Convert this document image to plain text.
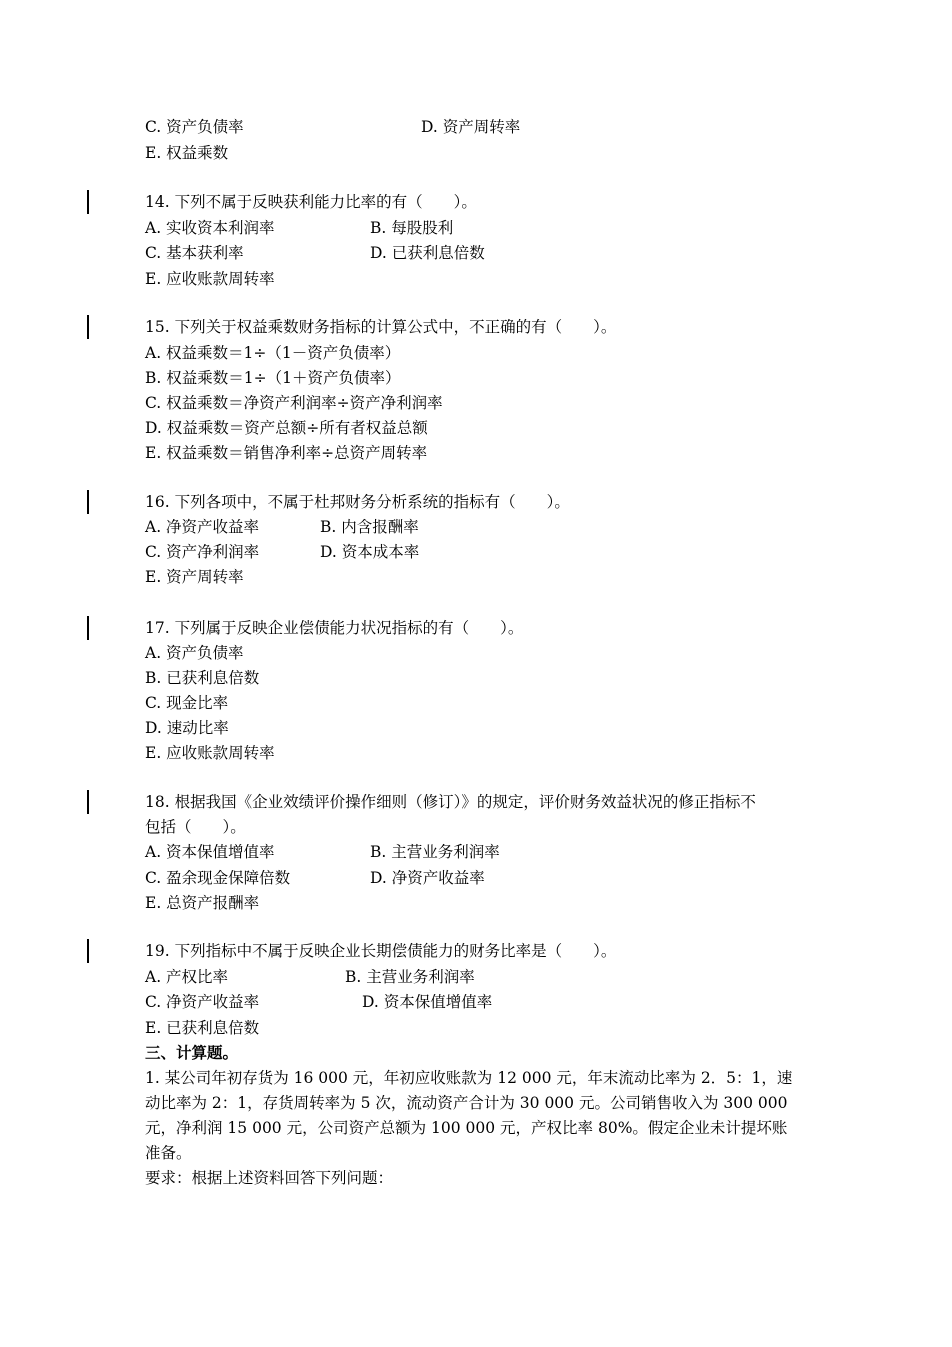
C. 资产负债率	D. 资产周转率
E. 权益乘数
14. 下列不属于反映获利能力比率的有（　　）。
A. 实收资本利润率	B. 每股股利
C. 基本获利率	D. 已获利息倍数
E. 应收账款周转率
15. 下列关于权益乘数财务指标的计算公式中，不正确的有（　　）。
A. 权益乘数＝1÷（1－资产负债率）
B. 权益乘数＝1÷（1＋资产负债率）
C. 权益乘数＝净资产利润率÷资产净利润率
D. 权益乘数＝资产总额÷所有者权益总额
E. 权益乘数＝销售净利率÷总资产周转率
16. 下列各项中，不属于杜邦财务分析系统的指标有（　　）。
A. 净资产收益率	B. 内含报酬率
C. 资产净利润率	D. 资本成本率
E. 资产周转率
17. 下列属于反映企业偿债能力状况指标的有（　　）。
A. 资产负债率
B. 已获利息倍数
C. 现金比率
D. 速动比率
E. 应收账款周转率
18. 根据我国《企业效绩评价操作细则（修订）》的规定，评价财务效益状况的修正指标不
包括（　　）。
A. 资本保值增值率	B. 主营业务利润率
C. 盈余现金保障倍数	D. 净资产收益率
E. 总资产报酬率
19. 下列指标中不属于反映企业长期偿债能力的财务比率是（　　）。
A. 产权比率	B. 主营业务利润率
C. 净资产收益率	D. 资本保值增值率
E. 已获利息倍数
三、计算题。
1. 某公司年初存货为 16 000 元，年初应收账款为 12 000 元，年末流动比率为 2．5：1，速
动比率为 2：1，存货周转率为 5 次，流动资产合计为 30 000 元。公司销售收入为 300 000
元，净利润 15 000 元，公司资产总额为 100 000 元，产权比率 80%。假定企业未计提坏账
准备。
要求：根据上述资料回答下列问题：
